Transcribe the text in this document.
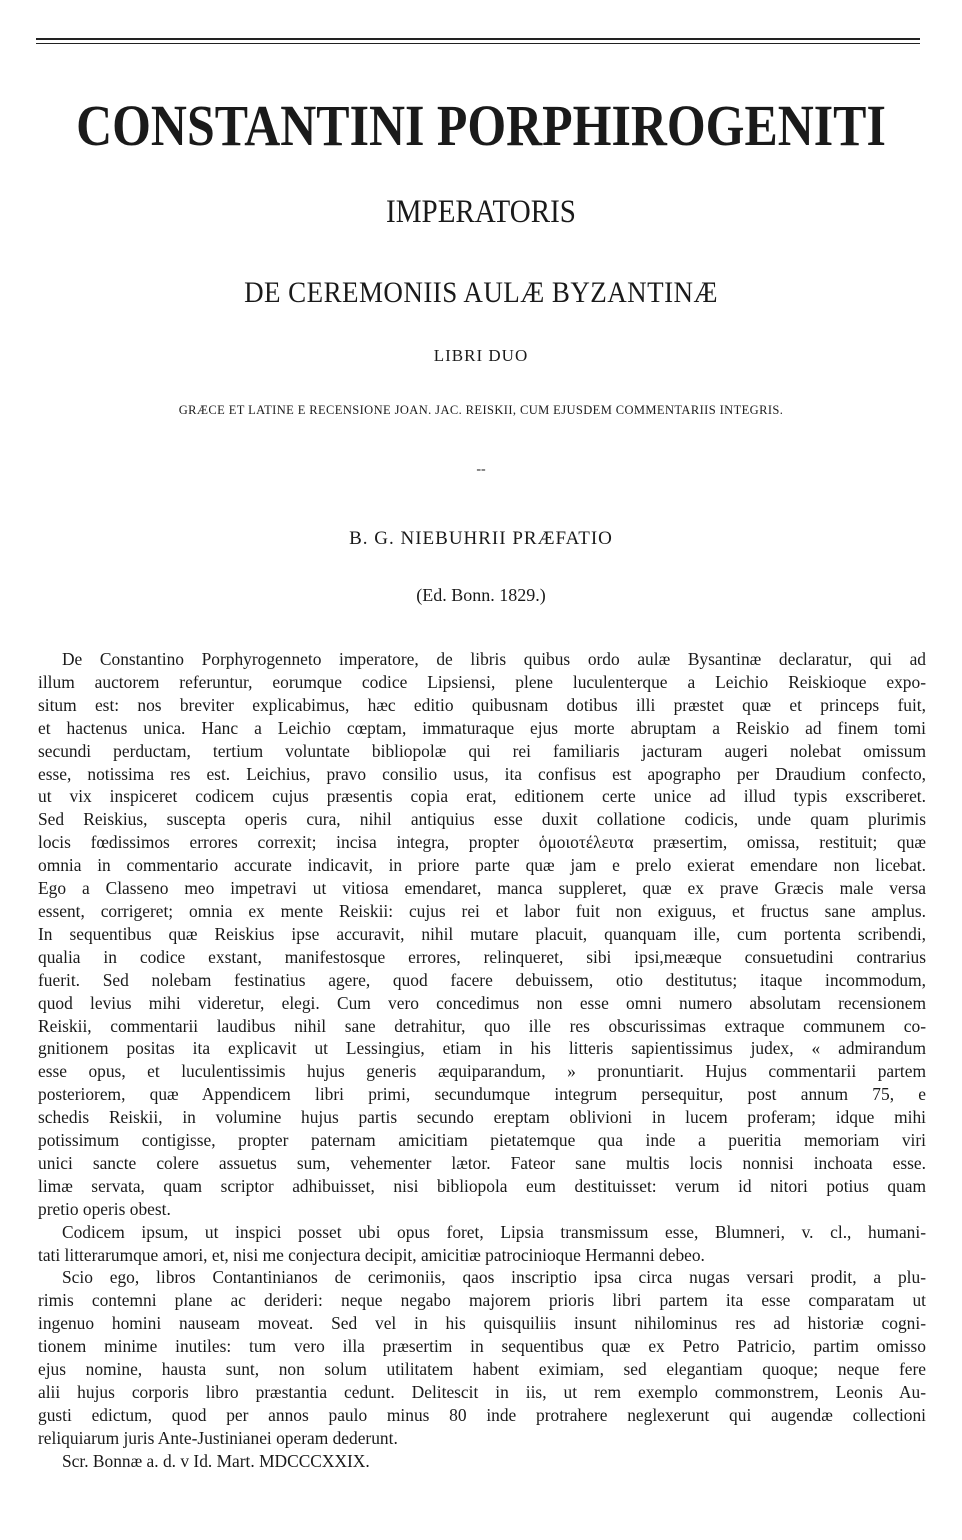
CONSTANTINI PORPHIROGENITI
IMPERATORIS
DE CEREMONIIS AULÆ BYZANTINÆ
LIBRI DUO
GRÆCE ET LATINE E RECENSIONE JOAN. JAC. REISKII, CUM EJUSDEM COMMENTARIIS INTEGRIS.
--
B. G. NIEBUHRII PRÆFATIO
(Ed. Bonn. 1829.)

De Constantino Porphyrogenneto imperatore, de libris quibus ordo aulæ Bysantinæ declaratur, qui ad
illum auctorem referuntur, eorumque codice Lipsiensi, plene luculenterque a Leichio Reiskioque expo-
situm est: nos breviter explicabimus, hæc editio quibusnam dotibus illi præstet quæ et princeps fuit,
et hactenus unica. Hanc a Leichio cœptam, immaturaque ejus morte abruptam a Reiskio ad finem tomi
secundi perductam, tertium voluntate bibliopolæ qui rei familiaris jacturam augeri nolebat omissum
esse, notissima res est. Leichius, pravo consilio usus, ita confisus est apographo per Draudium confecto,
ut vix inspiceret codicem cujus præsentis copia erat, editionem certe unice ad illud typis exscriberet.
Sed Reiskius, suscepta operis cura, nihil antiquius esse duxit collatione codicis, unde quam plurimis
locis fœdissimos errores correxit; incisa integra, propter ὁμοιοτέλευτα præsertim, omissa, restituit; quæ
omnia in commentario accurate indicavit, in priore parte quæ jam e prelo exierat emendare non licebat.
Ego a Classeno meo impetravi ut vitiosa emendaret, manca suppleret, quæ ex prave Græcis male versa
essent, corrigeret; omnia ex mente Reiskii: cujus rei et labor fuit non exiguus, et fructus sane amplus.
In sequentibus quæ Reiskius ipse accuravit, nihil mutare placuit, quanquam ille, cum portenta scribendi,
qualia in codice exstant, manifestosque errores, relinqueret, sibi ipsi,meæque consuetudini contrarius
fuerit. Sed nolebam festinatius agere, quod facere debuissem, otio destitutus; itaque incommodum,
quod levius mihi videretur, elegi. Cum vero concedimus non esse omni numero absolutam recensionem
Reiskii, commentarii laudibus nihil sane detrahitur, quo ille res obscurissimas extraque communem co-
gnitionem positas ita explicavit ut Lessingius, etiam in his litteris sapientissimus judex, « admirandum
esse opus, et luculentissimis hujus generis æquiparandum, » pronuntiarit. Hujus commentarii partem
posteriorem, quæ Appendicem libri primi, secundumque integrum persequitur, post annum 75, e
schedis Reiskii, in volumine hujus partis secundo ereptam oblivioni in lucem proferam; idque mihi
potissimum contigisse, propter paternam amicitiam pietatemque qua inde a pueritia memoriam viri
unici sancte colere assuetus sum, vehementer lætor. Fateor sane multis locis nonnisi inchoata esse.
limæ servata, quam scriptor adhibuisset, nisi bibliopola eum destituisset: verum id nitori potius quam
pretio operis obest.

Codicem ipsum, ut inspici posset ubi opus foret, Lipsia transmissum esse, Blumneri, v. cl., humani-
tati litterarumque amori, et, nisi me conjectura decipit, amicitiæ patrocinioque Hermanni debeo.

Scio ego, libros Contantinianos de cerimoniis, qaos inscriptio ipsa circa nugas versari prodit, a plu-
rimis contemni plane ac derideri: neque negabo majorem prioris libri partem ita esse comparatam ut
ingenuo homini nauseam moveat. Sed vel in his quisquiliis insunt nihilominus res ad historiæ cogni-
tionem minime inutiles: tum vero illa præsertim in sequentibus quæ ex Petro Patricio, partim omisso
ejus nomine, hausta sunt, non solum utilitatem habent eximiam, sed elegantiam quoque; neque fere
alii hujus corporis libro præstantia cedunt. Delitescit in iis, ut rem exemplo commonstrem, Leonis Au-
gusti edictum, quod per annos paulo minus 80 inde protrahere neglexerunt qui augendæ collectioni
reliquiarum juris Ante-Justinianei operam dederunt.

Scr. Bonnæ a. d. v Id. Mart. MDCCCXXIX.
